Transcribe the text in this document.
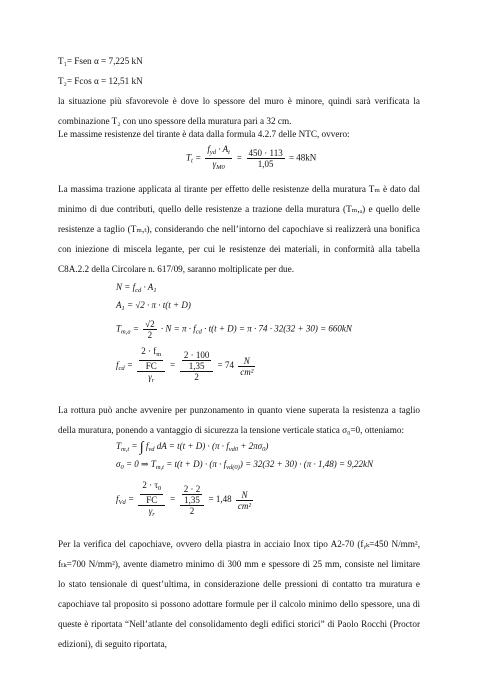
T₁= Fsen α = 7,225 kN
T₂= Fcos α = 12,51 kN
la situazione più sfavorevole è dove lo spessore del muro è minore, quindi sarà verificata la
combinazione T₂ con uno spessore della muratura pari a 32 cm.
Le massime resistenze del tirante è data dalla formula 4.2.7 delle NTC, ovvero:
$T_t = \frac{f_{yd} \cdot A_t}{\gamma_{M0}} = \frac{450 \cdot 113}{1,05} = 48kN$
La massima trazione applicata al tirante per effetto delle resistenze della muratura Tₘ è dato dal
minimo di due contributi, quello delle resistenze a trazione della muratura (Tₘ,ₐ) e quello delle
resistenze a taglio (Tₘ,ₜ), considerando che nell’intorno del capochiave si realizzerà una bonifica
con iniezione di miscela legante, per cui le resistenze dei materiali, in conformità alla tabella
C8A.2.2 della Circolare n. 617/09, saranno moltiplicate per due.
$N = f_{cd} \cdot A_1$
$A_1 = √2 \cdot \pi \cdot t(t + D)$
$T_{m,a} = \frac{√2}{2} \cdot N = \pi \cdot f_{cd} \cdot t(t + D) = \pi \cdot 74 \cdot 32(32 + 30) = 660kN$
$f_{cd} = \frac{\frac{2 \cdot f_m}{FC}}{\gamma_r} = \frac{\frac{2 \cdot 100}{1,35}}{2} = 74 \frac{N}{\text{cm²}}$
La rottura può anche avvenire per punzonamento in quanto viene superata la resistenza a taglio
della muratura, ponendo a vantaggio di sicurezza la tensione verticale statica σ₀=0, otteniamo:
$T_{m,t}$ = ∫ $f_{vd}$ dA = $t(t + D) \cdot (\pi \cdot f_{vd0} + 2\pi\sigma_0)$
$\sigma_0 = 0$ ⇒ $T_{m,t} = t(t + D) \cdot (\pi \cdot f_{vd(0)}) = 32(32 + 30) \cdot (\pi \cdot 1,48) = 9,22kN$
$f_{Vd} = \frac{\frac{2 \cdot \tau_0}{FC}}{\gamma_r} = \frac{\frac{2 \cdot 2}{1,35}}{2} = 1,48 \frac{N}{\text{cm²}}$
Per la verifica del capochiave, ovvero della piastra in acciaio Inox tipo A2-70 (fᵧₖ=450 N/mm²,
fₜₖ=700 N/mm²), avente diametro minimo di 300 mm e spessore di 25 mm, consiste nel limitare
lo stato tensionale di quest’ultima, in considerazione delle pressioni di contatto tra muratura e
capochiave tal proposito si possono adottare formule per il calcolo minimo dello spessore, una di
queste è riportata “Nell’atlante del consolidamento degli edifici storici” di Paolo Rocchi (Proctor
edizioni), di seguito riportata,
